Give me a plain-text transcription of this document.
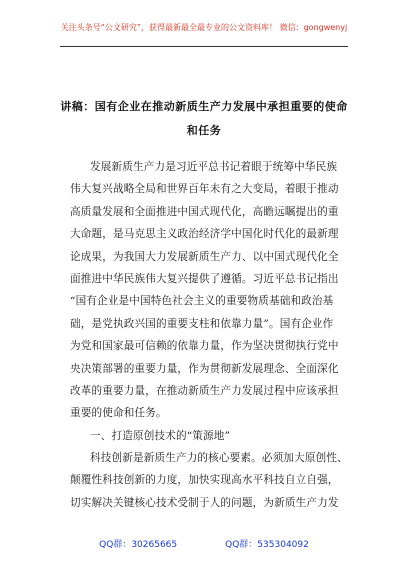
关注头条号“公文研究”，获得最新最全最专业的公文资料库！ 微信：gongwenyj
讲稿：国有企业在推动新质生产力发展中承担重要的使命
和任务
发展新质生产力是习近平总书记着眼于统筹中华民族
伟大复兴战略全局和世界百年未有之大变局，着眼于推动
高质量发展和全面推进中国式现代化，高瞻远瞩提出的重
大命题，是马克思主义政治经济学中国化时代化的最新理
论成果，为我国大力发展新质生产力、以中国式现代化全
面推进中华民族伟大复兴提供了遵循。习近平总书记指出
“国有企业是中国特色社会主义的重要物质基础和政治基
础，是党执政兴国的重要支柱和依靠力量”。国有企业作
为党和国家最可信赖的依靠力量，作为坚决贯彻执行党中
央决策部署的重要力量，作为贯彻新发展理念、全面深化
改革的重要力量，在推动新质生产力发展过程中应该承担
重要的使命和任务。
一、打造原创技术的“策源地”
科技创新是新质生产力的核心要素。必须加大原创性、
颠覆性科技创新的力度，加快实现高水平科技自立自强，
切实解决关键核心技术受制于人的问题，为新质生产力发
QQ群：30265665	QQ群：535304092
